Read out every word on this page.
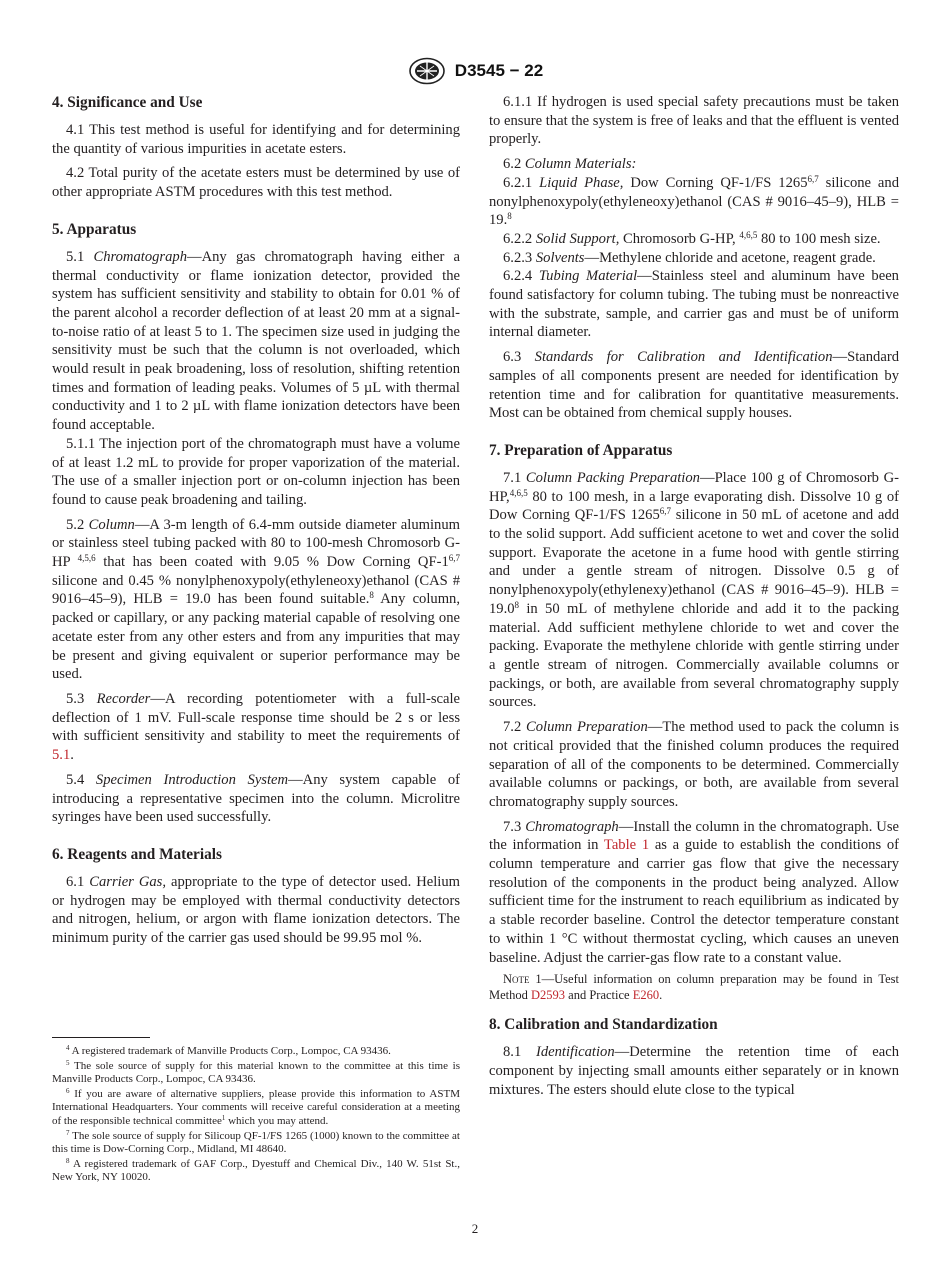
D3545 − 22
4. Significance and Use

4.1 This test method is useful for identifying and for determining the quantity of various impurities in acetate esters.

4.2 Total purity of the acetate esters must be determined by use of other appropriate ASTM procedures with this test method.

5. Apparatus

5.1 Chromatograph—Any gas chromatograph having either a thermal conductivity or flame ionization detector, provided the system has sufficient sensitivity and stability to obtain for 0.01 % of the parent alcohol a recorder deflection of at least 20 mm at a signal-to-noise ratio of at least 5 to 1. The specimen size used in judging the sensitivity must be such that the column is not overloaded, which would result in peak broadening, loss of resolution, shifting retention times and formation of leading peaks. Volumes of 5 µL with thermal conductivity and 1 to 2 µL with flame ionization detectors have been found acceptable.

5.1.1 The injection port of the chromatograph must have a volume of at least 1.2 mL to provide for proper vaporization of the material. The use of a smaller injection port or on-column injection has been found to cause peak broadening and tailing.

5.2 Column—A 3-m length of 6.4-mm outside diameter aluminum or stainless steel tubing packed with 80 to 100-mesh Chromosorb G-HP $^{4,5,6}$ that has been coated with 9.05 % Dow Corning QF-1$^{6,7}$ silicone and 0.45 % nonylphenoxypoly(ethyleneoxy)ethanol (CAS # 9016–45–9), HLB = 19.0 has been found suitable.$^8$ Any column, packed or capillary, or any packing material capable of resolving one acetate ester from any other esters and from any impurities that may be present and giving equivalent or superior performance may be used.

5.3 Recorder—A recording potentiometer with a full-scale deflection of 1 mV. Full-scale response time should be 2 s or less with sufficient sensitivity and stability to meet the requirements of 5.1.

5.4 Specimen Introduction System—Any system capable of introducing a representative specimen into the column. Microlitre syringes have been used successfully.

6. Reagents and Materials

6.1 Carrier Gas, appropriate to the type of detector used. Helium or hydrogen may be employed with thermal conductivity detectors and nitrogen, helium, or argon with flame ionization detectors. The minimum purity of the carrier gas used should be 99.95 mol %.

$^4$ A registered trademark of Manville Products Corp., Lompoc, CA 93436.

$^5$ The sole source of supply for this material known to the committee at this time is Manville Products Corp., Lompoc, CA 93436.

$^6$ If you are aware of alternative suppliers, please provide this information to ASTM International Headquarters. Your comments will receive careful consideration at a meeting of the responsible technical committee$^1$ which you may attend.

$^7$ The sole source of supply for Silicoup QF-1/FS 1265 (1000) known to the committee at this time is Dow-Corning Corp., Midland, MI 48640.

$^8$ A registered trademark of GAF Corp., Dyestuff and Chemical Div., 140 W. 51st St., New York, NY 10020.

6.1.1 If hydrogen is used special safety precautions must be taken to ensure that the system is free of leaks and that the effluent is vented properly.

6.2 Column Materials:

6.2.1 Liquid Phase, Dow Corning QF-1/FS 1265$^{6,7}$ silicone and nonylphenoxypoly(ethyleneoxy)ethanol (CAS # 9016–45–9), HLB = 19.$^8$

6.2.2 Solid Support, Chromosorb G-HP, $^{4,6,5}$ 80 to 100 mesh size.

6.2.3 Solvents—Methylene chloride and acetone, reagent grade.

6.2.4 Tubing Material—Stainless steel and aluminum have been found satisfactory for column tubing. The tubing must be nonreactive with the substrate, sample, and carrier gas and must be of uniform internal diameter.

6.3 Standards for Calibration and Identification—Standard samples of all components present are needed for identification by retention time and for calibration for quantitative measurements. Most can be obtained from chemical supply houses.

7. Preparation of Apparatus

7.1 Column Packing Preparation—Place 100 g of Chromosorb G-HP,$^{4,6,5}$ 80 to 100 mesh, in a large evaporating dish. Dissolve 10 g of Dow Corning QF-1/FS 1265$^{6,7}$ silicone in 50 mL of acetone and add to the solid support. Add sufficient acetone to wet and cover the solid support. Evaporate the acetone in a fume hood with gentle stirring and under a gentle stream of nitrogen. Dissolve 0.5 g of nonylphenoxypoly(ethylenexy)ethanol (CAS # 9016–45–9). HLB = $19.0^8$ in 50 mL of methylene chloride and add it to the packing material. Add sufficient methylene chloride to wet and cover the packing. Evaporate the methylene chloride with gentle stirring under a gentle stream of nitrogen. Commercially available columns or packings, or both, are available from several chromatography supply sources.

7.2 Column Preparation—The method used to pack the column is not critical provided that the finished column produces the required separation of all of the components to be determined. Commercially available columns or packings, or both, are available from several chromatography supply sources.

7.3 Chromatograph—Install the column in the chromatograph. Use the information in Table 1 as a guide to establish the conditions of column temperature and carrier gas flow that give the necessary resolution of the components in the product being analyzed. Allow sufficient time for the instrument to reach equilibrium as indicated by a stable recorder baseline. Control the detector temperature constant to within 1 °C without thermostat cycling, which causes an uneven baseline. Adjust the carrier-gas flow rate to a constant value.

Note 1—Useful information on column preparation may be found in Test Method D2593 and Practice E260.

8. Calibration and Standardization

8.1 Identification—Determine the retention time of each component by injecting small amounts either separately or in known mixtures. The esters should elute close to the typical

2
